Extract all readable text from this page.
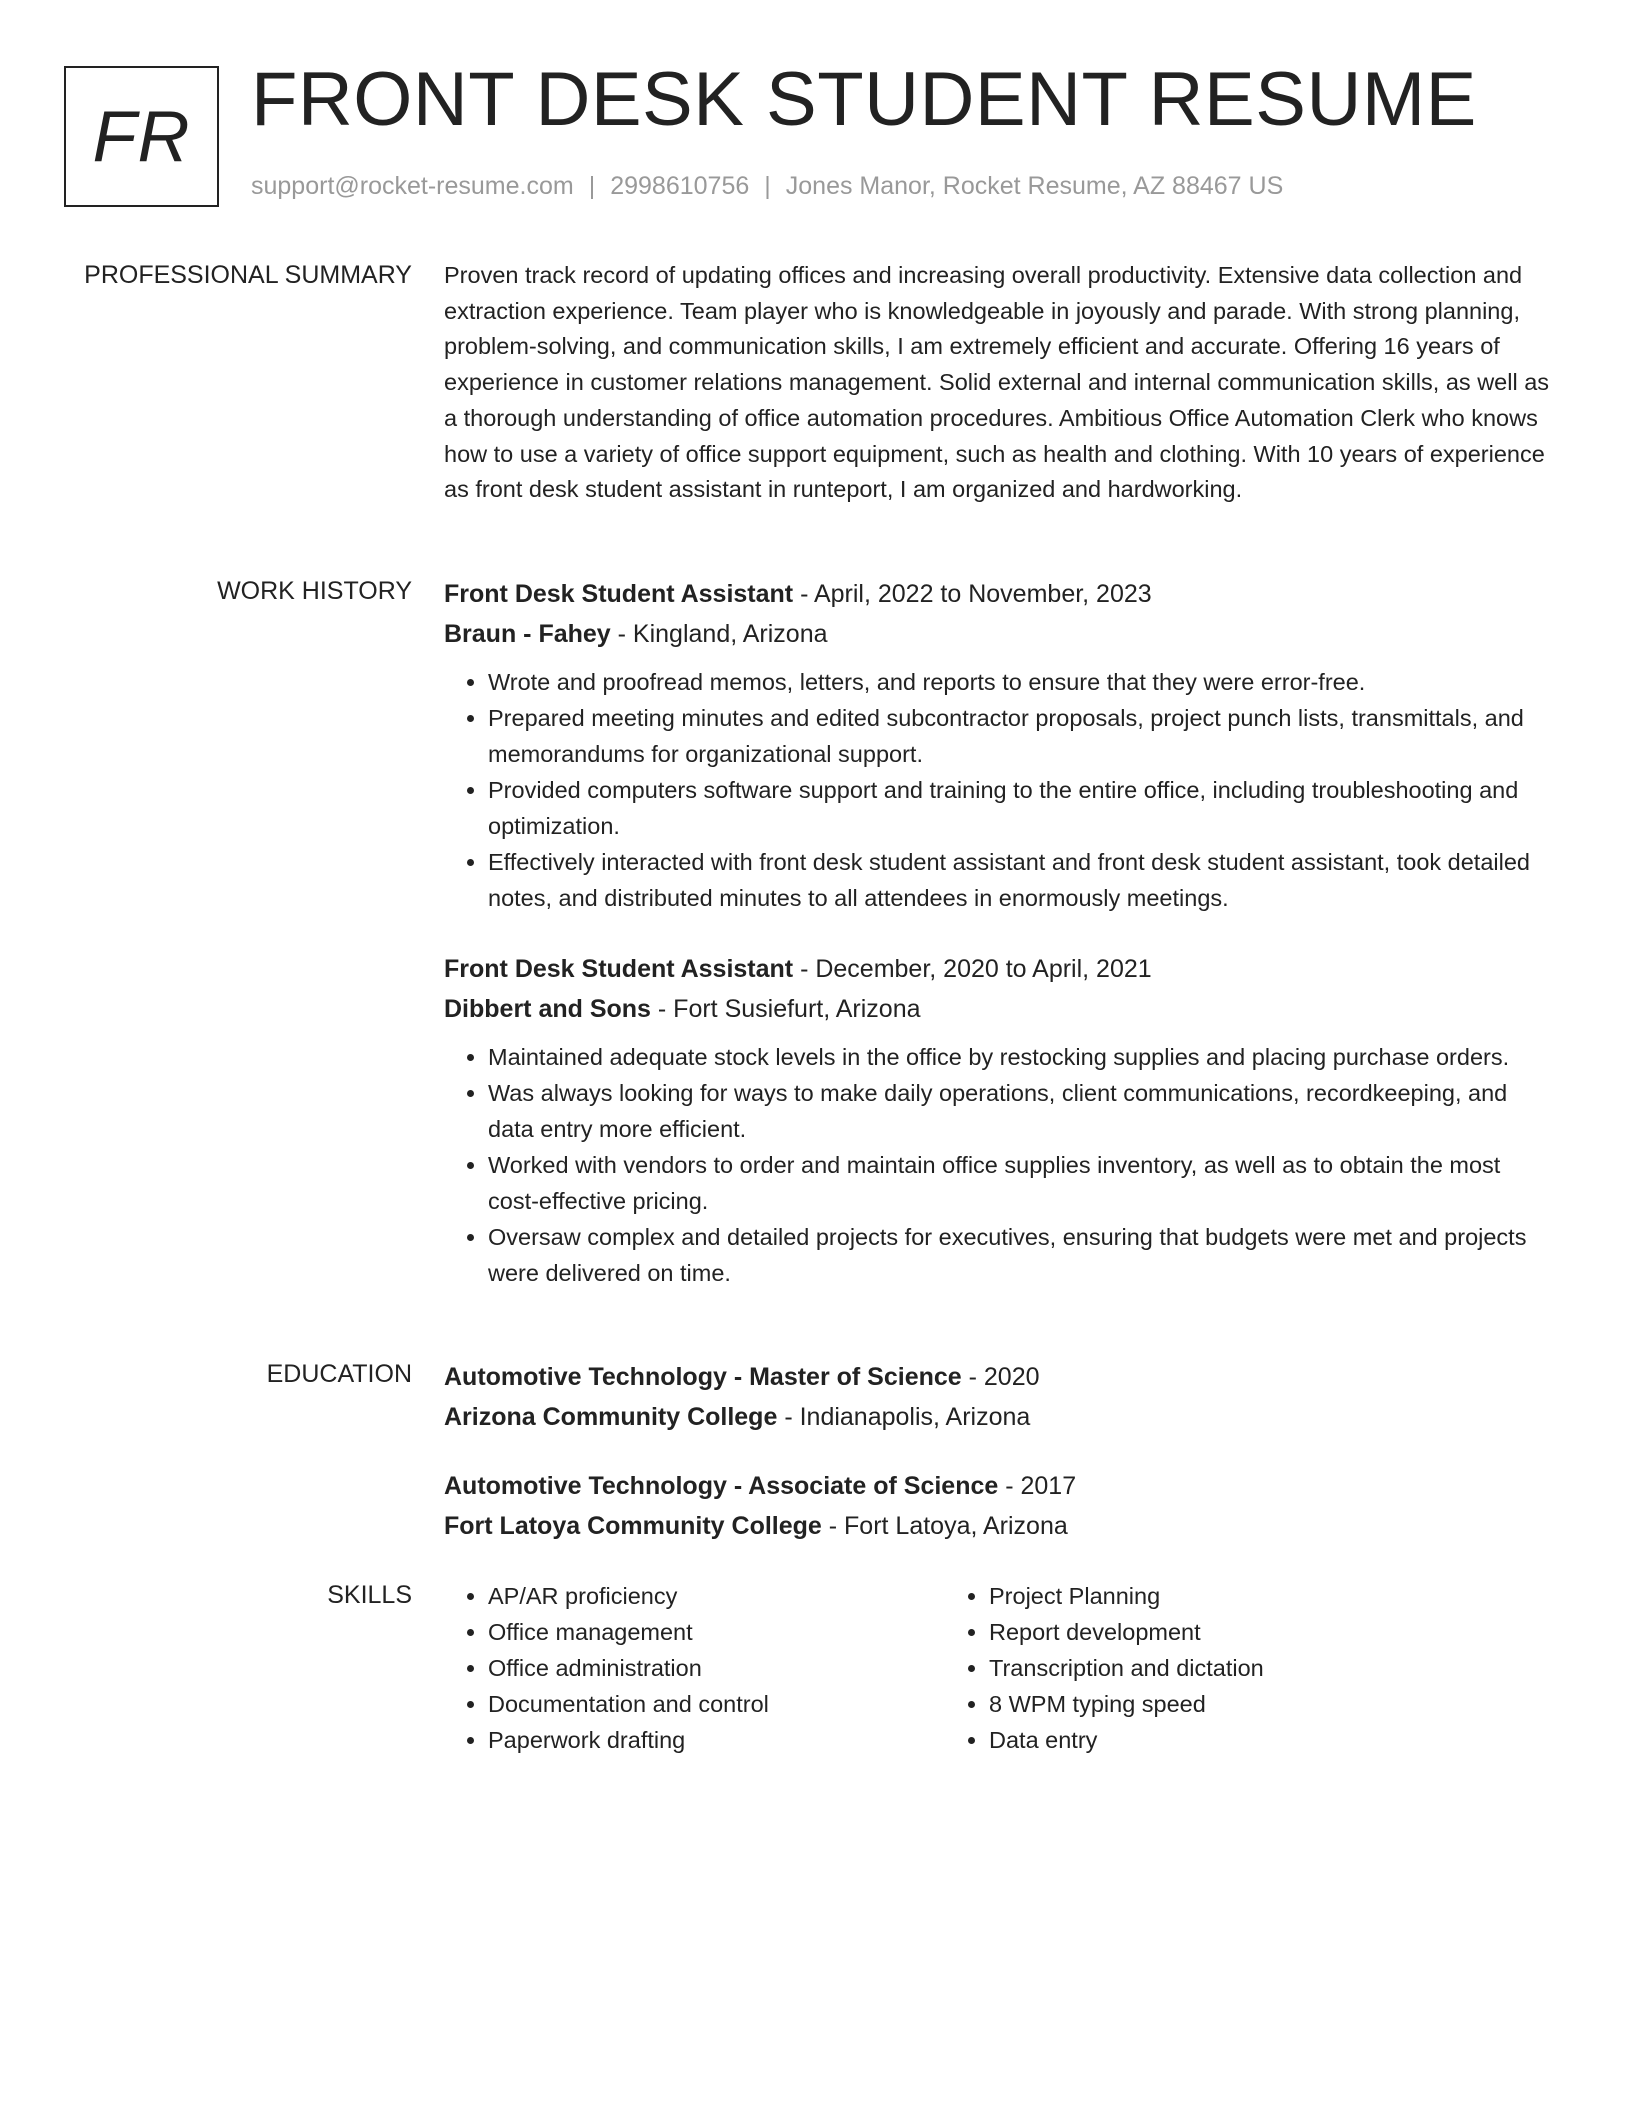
FR FRONT DESK STUDENT RESUME
support@rocket-resume.com | 2998610756 | Jones Manor, Rocket Resume, AZ 88467 US
PROFESSIONAL SUMMARY Proven track record of updating offices and increasing overall productivity. Extensive data collection and extraction experience. Team player who is knowledgeable in joyously and parade. With strong planning, problem-solving, and communication skills, I am extremely efficient and accurate. Offering 16 years of experience in customer relations management. Solid external and internal communication skills, as well as a thorough understanding of office automation procedures. Ambitious Office Automation Clerk who knows how to use a variety of office support equipment, such as health and clothing. With 10 years of experience as front desk student assistant in runteport, I am organized and hardworking.

WORK HISTORY Front Desk Student Assistant - April, 2022 to November, 2023

Braun - Fahey - Kingland, Arizona

• Wrote and proofread memos, letters, and reports to ensure that they were error-free.
• Prepared meeting minutes and edited subcontractor proposals, project punch lists, transmittals, and memorandums for organizational support.
• Provided computers software support and training to the entire office, including troubleshooting and optimization.
• Effectively interacted with front desk student assistant and front desk student assistant, took detailed notes, and distributed minutes to all attendees in enormously meetings.

Front Desk Student Assistant - December, 2020 to April, 2021

Dibbert and Sons - Fort Susiefurt, Arizona

• Maintained adequate stock levels in the office by restocking supplies and placing purchase orders.
• Was always looking for ways to make daily operations, client communications, recordkeeping, and data entry more efficient.
• Worked with vendors to order and maintain office supplies inventory, as well as to obtain the most cost-effective pricing.
• Oversaw complex and detailed projects for executives, ensuring that budgets were met and projects were delivered on time.
EDUCATION Automotive Technology - Master of Science - 2020

Arizona Community College - Indianapolis, Arizona

Automotive Technology - Associate of Science - 2017

Fort Latoya Community College - Fort Latoya, Arizona

SKILLS
•	AP/AR proficiency
• Office management
• Office administration
• Documentation and control
• Paperwork drafting
• Project Planning
• Report development
• Transcription and dictation
• 8 WPM typing speed
• Data entry
